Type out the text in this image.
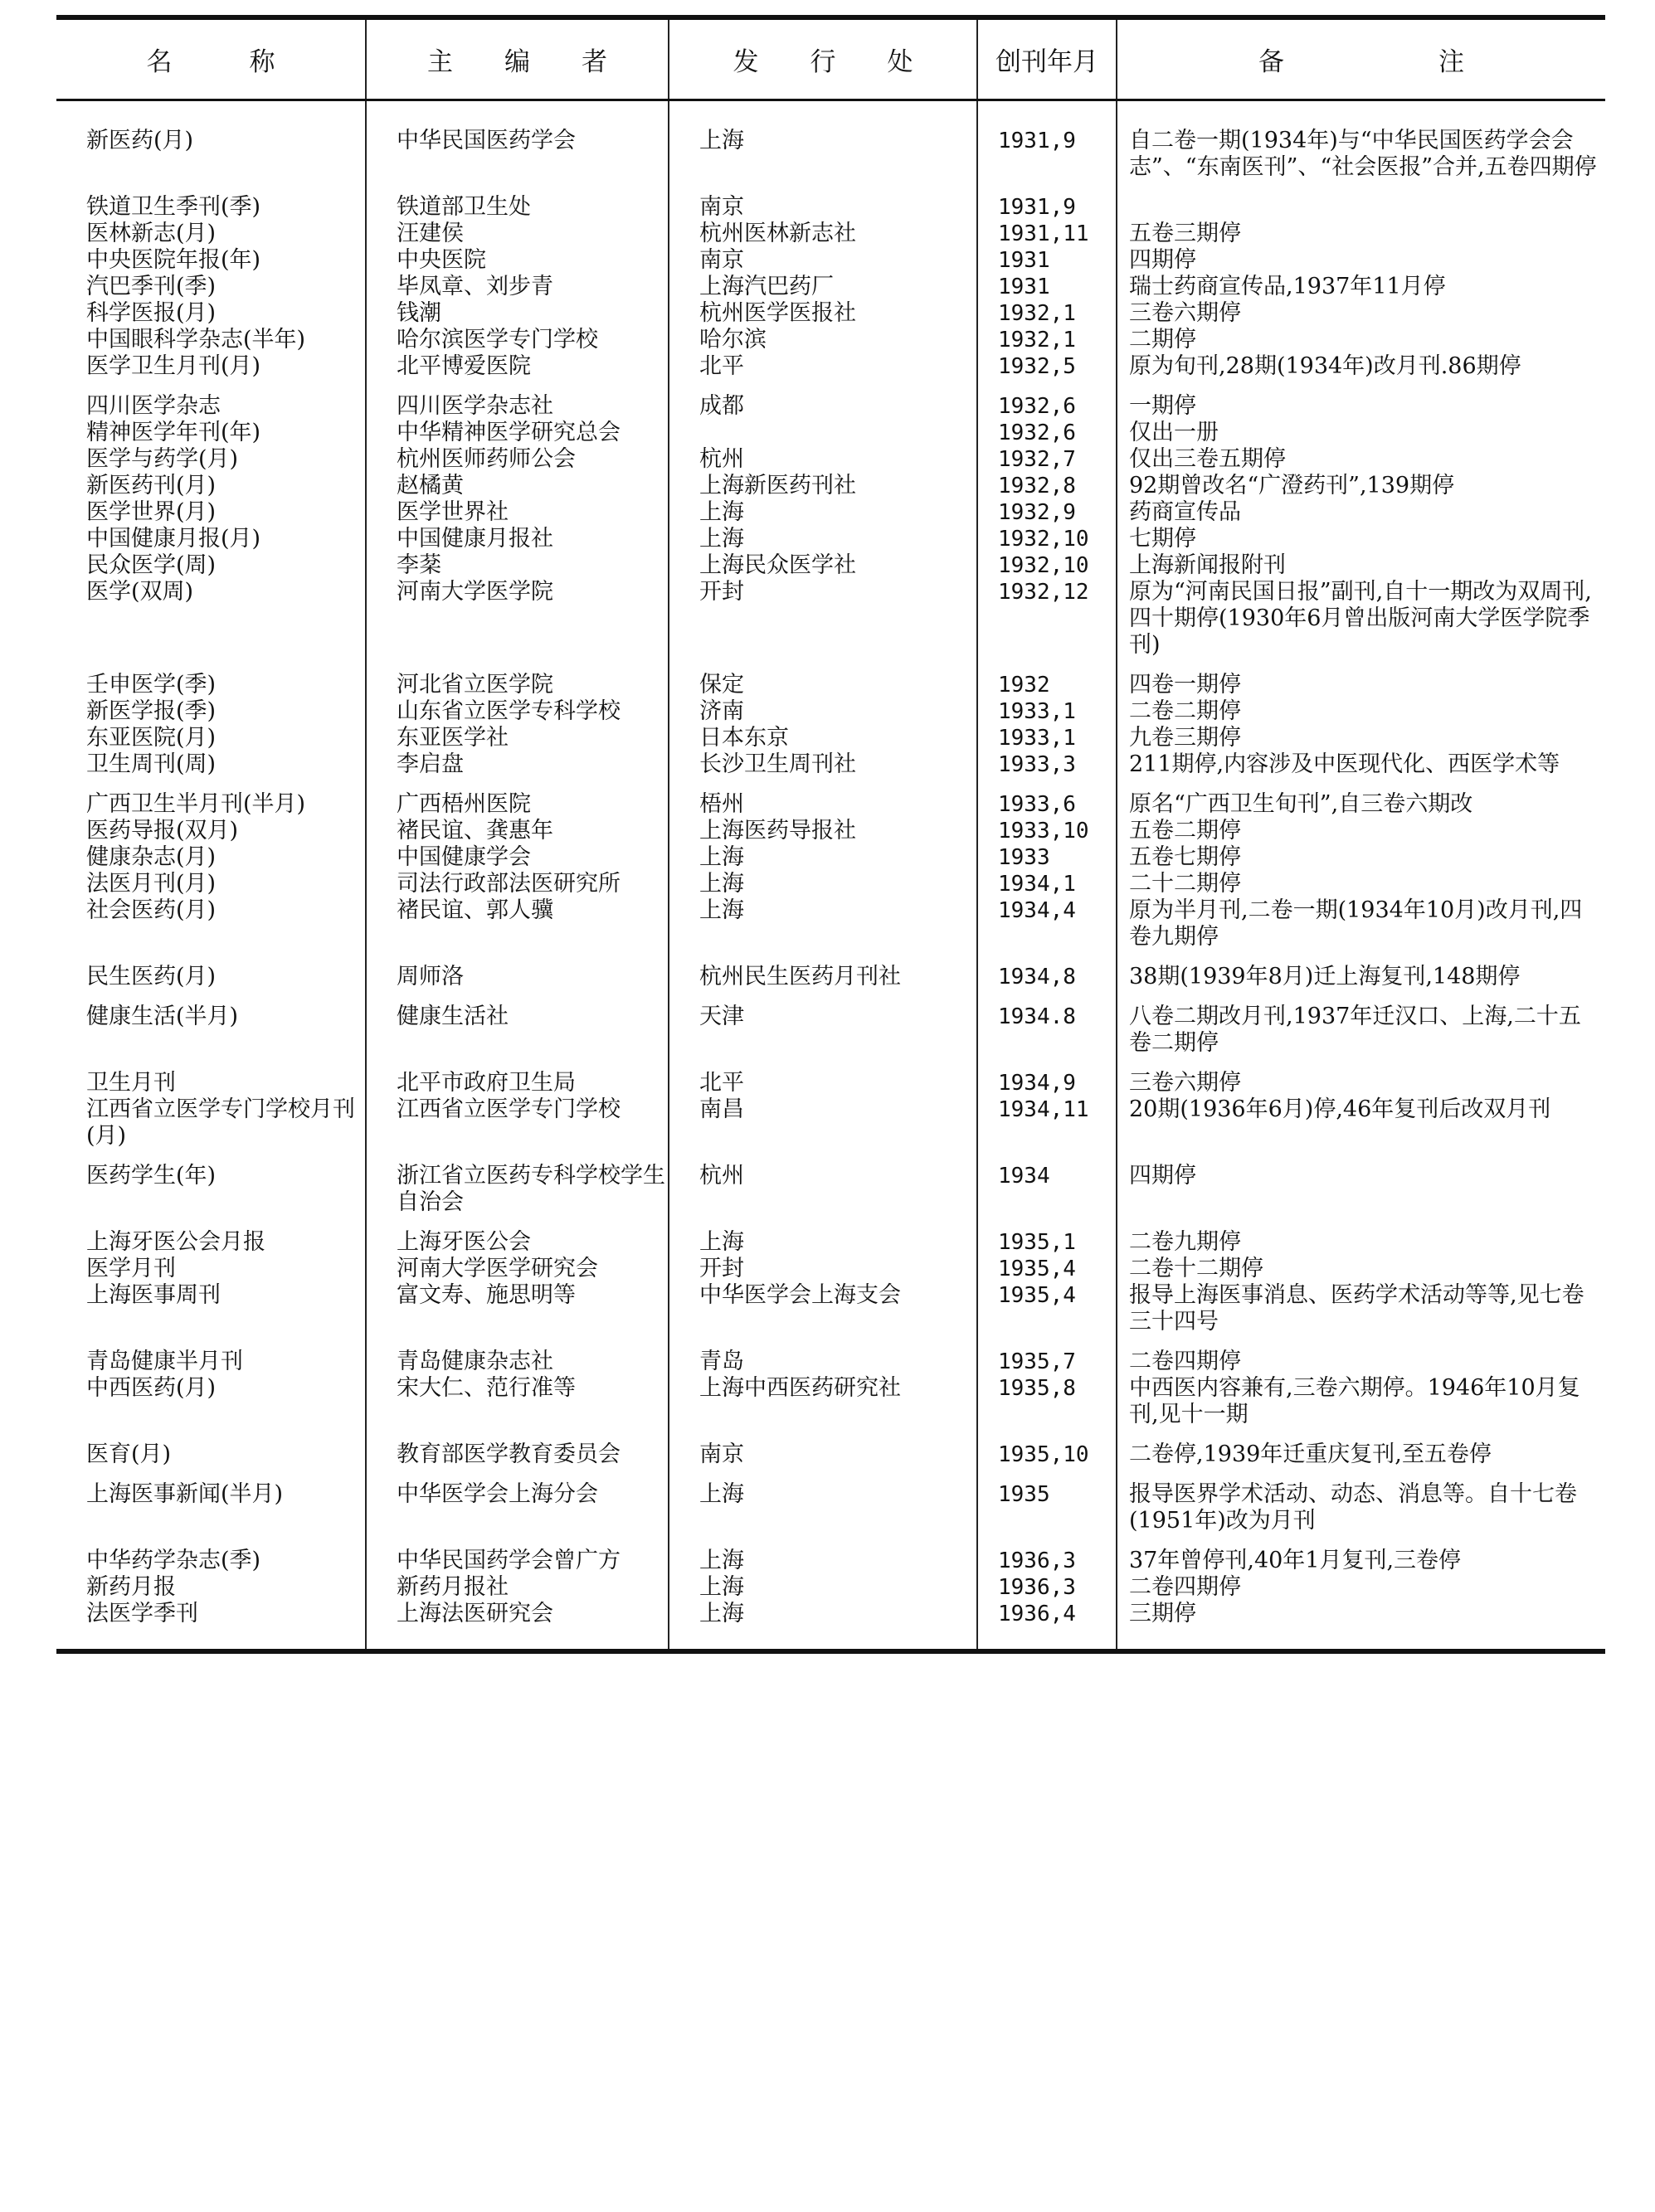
名　　　称	主　　编　　者	发　　行　　处	创刊年月	备　　　　　　注

新医药(月)	中华民国医药学会	上海	1931,9	自二卷一期(1934年)与“中华民国医药学会会志”、“东南医刊”、“社会医报”合并,五卷四期停

铁道卫生季刊(季)	铁道部卫生处	南京	1931,9	
医林新志(月)	汪建侯	杭州医林新志社	1931,11	五卷三期停
中央医院年报(年)	中央医院	南京	1931	四期停
汽巴季刊(季)	毕凤章、刘步青	上海汽巴药厂	1931	瑞士药商宣传品,1937年11月停
科学医报(月)	钱潮	杭州医学医报社	1932,1	三卷六期停
中国眼科学杂志(半年)	哈尔滨医学专门学校	哈尔滨	1932,1	二期停
医学卫生月刊(月)	北平博爱医院	北平	1932,5	原为旬刊,28期(1934年)改月刊.86期停

四川医学杂志	四川医学杂志社	成都	1932,6	一期停
精神医学年刊(年)	中华精神医学研究总会		1932,6	仅出一册
医学与药学(月)	杭州医师药师公会	杭州	1932,7	仅出三卷五期停
新医药刊(月)	赵橘黄	上海新医药刊社	1932,8	92期曾改名“广澄药刊”,139期停
医学世界(月)	医学世界社	上海	1932,9	药商宣传品
中国健康月报(月)	中国健康月报社	上海	1932,10	七期停
民众医学(周)	李棻	上海民众医学社	1932,10	上海新闻报附刊
医学(双周)	河南大学医学院	开封	1932,12	原为“河南民国日报”副刊,自十一期改为双周刊,四十期停(1930年6月曾出版河南大学医学院季刊)

壬申医学(季)	河北省立医学院	保定	1932	四卷一期停
新医学报(季)	山东省立医学专科学校	济南	1933,1	二卷二期停
东亚医院(月)	东亚医学社	日本东京	1933,1	九卷三期停
卫生周刊(周)	李启盘	长沙卫生周刊社	1933,3	211期停,内容涉及中医现代化、西医学术等

广西卫生半月刊(半月)	广西梧州医院	梧州	1933,6	原名“广西卫生旬刊”,自三卷六期改
医药导报(双月)	褚民谊、龚惠年	上海医药导报社	1933,10	五卷二期停
健康杂志(月)	中国健康学会	上海	1933	五卷七期停
法医月刊(月)	司法行政部法医研究所	上海	1934,1	二十二期停
社会医药(月)	褚民谊、郭人骥	上海	1934,4	原为半月刊,二卷一期(1934年10月)改月刊,四卷九期停

民生医药(月)	周师洛	杭州民生医药月刊社	1934,8	38期(1939年8月)迁上海复刊,148期停

健康生活(半月)	健康生活社	天津	1934.8	八卷二期改月刊,1937年迁汉口、上海,二十五卷二期停

卫生月刊	北平市政府卫生局	北平	1934,9	三卷六期停
江西省立医学专门学校月刊(月)	江西省立医学专门学校	南昌	1934,11	20期(1936年6月)停,46年复刊后改双月刊

医药学生(年)	浙江省立医药专科学校学生自治会	杭州	1934	四期停

上海牙医公会月报	上海牙医公会	上海	1935,1	二卷九期停
医学月刊	河南大学医学研究会	开封	1935,4	二卷十二期停
上海医事周刊	富文寿、施思明等	中华医学会上海支会	1935,4	报导上海医事消息、医药学术活动等等,见七卷三十四号

青岛健康半月刊	青岛健康杂志社	青岛	1935,7	二卷四期停
中西医药(月)	宋大仁、范行准等	上海中西医药研究社	1935,8	中西医内容兼有,三卷六期停。1946年10月复刊,见十一期

医育(月)	教育部医学教育委员会	南京	1935,10	二卷停,1939年迁重庆复刊,至五卷停

上海医事新闻(半月)	中华医学会上海分会	上海	1935	报导医界学术活动、动态、消息等。自十七卷(1951年)改为月刊

中华药学杂志(季)	中华民国药学会曾广方	上海	1936,3	37年曾停刊,40年1月复刊,三卷停
新药月报	新药月报社	上海	1936,3	二卷四期停
法医学季刊	上海法医研究会	上海	1936,4	三期停
